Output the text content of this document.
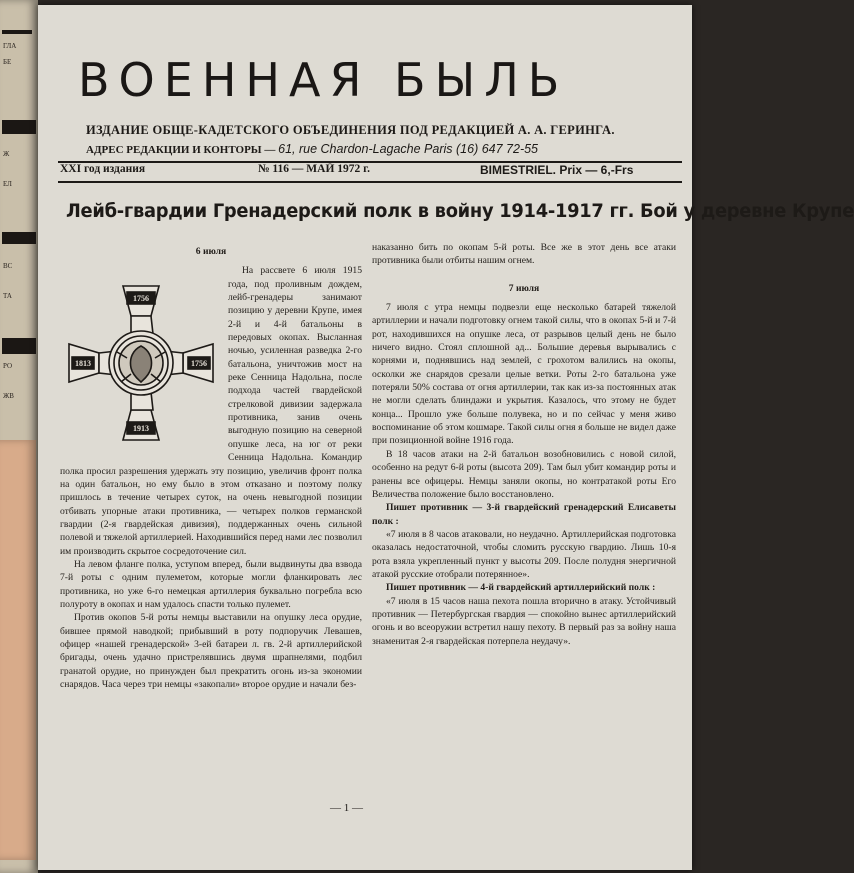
ГЛА
БЕ
Ж
ЕЛ
ВС
ТА
РО
ЖВ
ВОЕННАЯ БЫЛЬ
ИЗДАНИЕ ОБЩЕ-КАДЕТСКОГО ОБЪЕДИНЕНИЯ ПОД РЕДАКЦИЕЙ А. А. ГЕРИНГА.
АДРЕС РЕДАКЦИИ И КОНТОРЫ — 61, rue Chardon-Lagache Paris (16) 647 72-55
XXI год издания	№ 116 — МАЙ 1972 г.	BIMESTRIEL. Prix — 6,-Frs
Лейб-гвардии Гренадерский полк в войну 1914-1917 гг. Бой у деревне Крупе

6 июля

1756
1813	1756
1913

На рассвете 6 июля 1915 года, под проливным дождем, лейб-гренадеры занимают позицию у деревни Крупе, имея 2-й и 4-й батальоны в передовых окопах. Высланная ночью, усиленная разведка 2-го батальона, уничтожив мост на реке Сенница Надольна, после подхода частей гвардейской стрелковой дивизии задержала противника, занив очень выгодную позицию на северной опушке леса, на юг от реки Сенница Надольна. Командир полка просил разрешения удержать эту позицию, увеличив фронт полка на один батальон, но ему было в этом отказано и поэтому полку пришлось в течение четырех суток, на очень невыгодной позиции отбивать упорные атаки противника, — четырех полков германской гвардии (2-я гвардейская дивизия), поддержанных очень сильной полевой и тяжелой артиллерией. Находившийся перед нами лес позволил им производить скрытое сосредоточение сил.

На левом фланге полка, уступом вперед, были выдвинуты два взвода 7-й роты с одним пулеметом, которые могли фланкировать лес противника, но уже 6-го немецкая артиллерия буквально погребла всю полуроту в окопах и нам удалось спасти только пулемет.

Против окопов 5-й роты немцы выставили на опушку леса орудие, бившее прямой наводкой; прибывший в роту подпоручик Левашев, офицер «нашей гренадерской» 3-ей батареи л. гв. 2-й артиллерийской бригады, очень удачно пристрелявшись двумя шрапнелями, подбил гранатой орудие, но принужден был прекратить огонь из-за экономии снарядов. Часа через три немцы «закопали» второе орудие и начали без-

наказанно бить по окопам 5-й роты. Все же в этот день все атаки противника были отбиты нашим огнем.

7 июля

7 июля с утра немцы подвезли еще несколько батарей тяжелой артиллерии и начали подготовку огнем такой силы, что в окопах 5-й и 7-й рот, находившихся на опушке леса, от разрывов целый день не было ничего видно. Стоял сплошной ад... Большие деревья вырывались с корнями и, поднявшись над землей, с грохотом валились на окопы, осколки же снарядов срезали целые ветки. Роты 2-го батальона уже потеряли 50% состава от огня артиллерии, так как из-за постоянных атак не могли сделать блиндажи и укрытия. Казалось, что этому не будет конца... Прошло уже больше полувека, но и по сейчас у меня живо воспоминание об этом кошмаре. Такой силы огня я больше не видел даже при позиционной войне 1916 года.

В 18 часов атаки на 2-й батальон возобновились с новой силой, особенно на редут 6-й роты (высота 209). Там был убит командир роты и ранены все офицеры. Немцы заняли окопы, но контратакой роты Его Величества положение было восстановлено.

Пишет противник — 3-й гвардейский гренадерский Елисаветы полк :

«7 июля в 8 часов атаковали, но неудачно. Артиллерийская подготовка оказалась недостаточной, чтобы сломить русскую гвардию. Лишь 10-я рота взяла укрепленный пункт у высоты 209. После полудня энергичной атакой русские отобрали потерянное».

Пишет противник — 4-й гвардейский артиллерийский полк :

«7 июля в 15 часов наша пехота пошла вторично в атаку. Устойчивый противник — Петербургская гвардия — спокойно вынес артиллерийский огонь и во всеоружии встретил нашу пехоту. В первый раз за войну наша знаменитая 2-я гвардейская потерпела неудачу».

— 1 —
